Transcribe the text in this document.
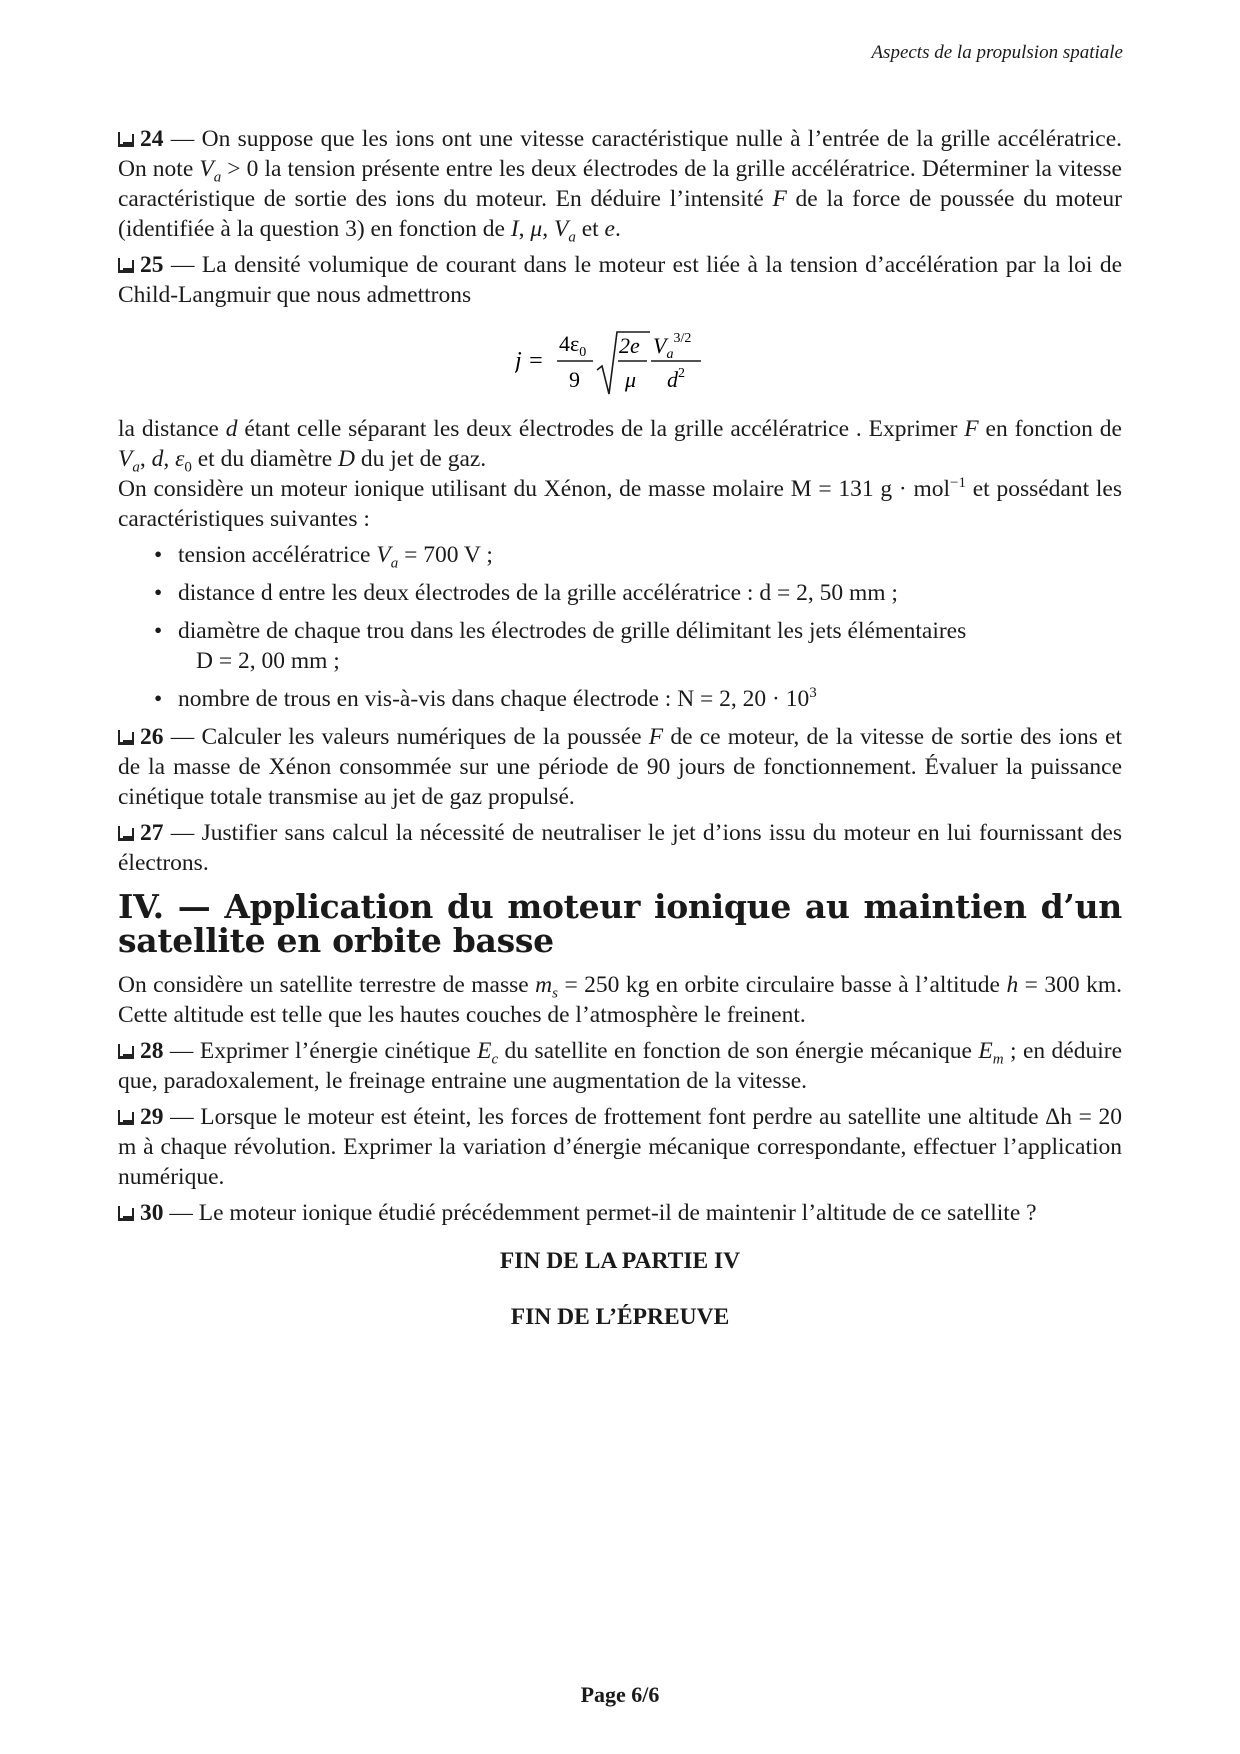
Aspects de la propulsion spatiale

24 — On suppose que les ions ont une vitesse caractéristique nulle à l’entrée de la grille accélératrice. On note $V_a > 0$ la tension présente entre les deux électrodes de la grille accélératrice. Déterminer la vitesse caractéristique de sortie des ions du moteur. En déduire l’intensité F de la force de poussée du moteur (identifiée à la question 3) en fonction de I, μ, $V_a$ et e.

25 — La densité volumique de courant dans le moteur est liée à la tension d’accélération par la loi de Child-Langmuir que nous admettrons

j =
$4\varepsilon_0$
9
2e
μ
$V_a^{3/2}$
$d^2$

la distance d étant celle séparant les deux électrodes de la grille accélératrice . Exprimer F en fonction de $V_a$, d, $\varepsilon_0$ et du diamètre D du jet de gaz.

On considère un moteur ionique utilisant du Xénon, de masse molaire M = 131 g · mol$^{-1}$ et possédant les caractéristiques suivantes :

• tension accélératrice $V_a = 700$ V ;
• distance d entre les deux électrodes de la grille accélératrice : d = 2, 50 mm ;
• diamètre de chaque trou dans les électrodes de grille délimitant les jets élémentaires
D = 2, 00 mm ;
• nombre de trous en vis-à-vis dans chaque électrode : N = 2, $20 \cdot 10^3$

26 — Calculer les valeurs numériques de la poussée F de ce moteur, de la vitesse de sortie des ions et de la masse de Xénon consommée sur une période de 90 jours de fonctionnement. Évaluer la puissance cinétique totale transmise au jet de gaz propulsé.

27 — Justifier sans calcul la nécessité de neutraliser le jet d’ions issu du moteur en lui fournissant des électrons.

IV. — Application du moteur ionique au maintien d’un satellite en orbite basse

On considère un satellite terrestre de masse $m_s = 250$ kg en orbite circulaire basse à l’altitude h = 300 km. Cette altitude est telle que les hautes couches de l’atmosphère le freinent.

28 — Exprimer l’énergie cinétique $E_c$ du satellite en fonction de son énergie mécanique $E_m$ ; en déduire que, paradoxalement, le freinage entraine une augmentation de la vitesse.

29 — Lorsque le moteur est éteint, les forces de frottement font perdre au satellite une altitude Δh = 20 m à chaque révolution. Exprimer la variation d’énergie mécanique correspondante, effectuer l’application numérique.

30 — Le moteur ionique étudié précédemment permet-il de maintenir l’altitude de ce satellite ?

FIN DE LA PARTIE IV
FIN DE L’ÉPREUVE
Page 6/6
